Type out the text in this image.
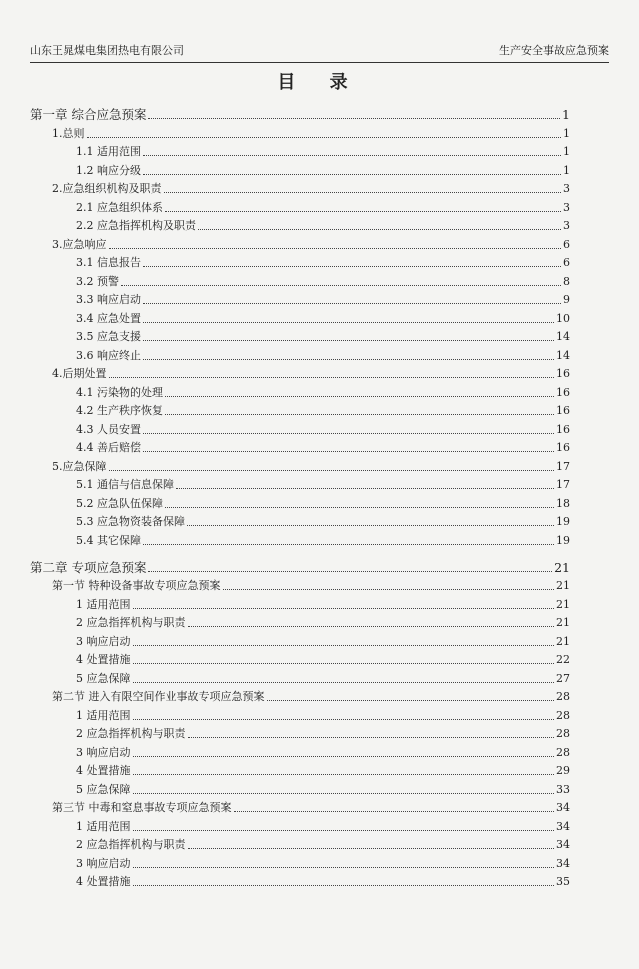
山东王晁煤电集团热电有限公司	生产安全事故应急预案
目 录
第一章 综合应急预案	1
1.总则	1
1.1 适用范围	1
1.2 响应分级	1
2.应急组织机构及职责	3
2.1 应急组织体系	3
2.2 应急指挥机构及职责	3
3.应急响应	6
3.1 信息报告	6
3.2 预警	8
3.3 响应启动	9
3.4 应急处置	10
3.5 应急支援	14
3.6 响应终止	14
4.后期处置	16
4.1 污染物的处理	16
4.2 生产秩序恢复	16
4.3 人员安置	16
4.4 善后赔偿	16
5.应急保障	17
5.1 通信与信息保障	17
5.2 应急队伍保障	18
5.3 应急物资装备保障	19
5.4 其它保障	19
第二章 专项应急预案	21
第一节 特种设备事故专项应急预案	21
1 适用范围	21
2 应急指挥机构与职责	21
3 响应启动	21
4 处置措施	22
5 应急保障	27
第二节 进入有限空间作业事故专项应急预案	28
1 适用范围	28
2 应急指挥机构与职责	28
3 响应启动	28
4 处置措施	29
5 应急保障	33
第三节 中毒和窒息事故专项应急预案	34
1 适用范围	34
2 应急指挥机构与职责	34
3 响应启动	34
4 处置措施	35
